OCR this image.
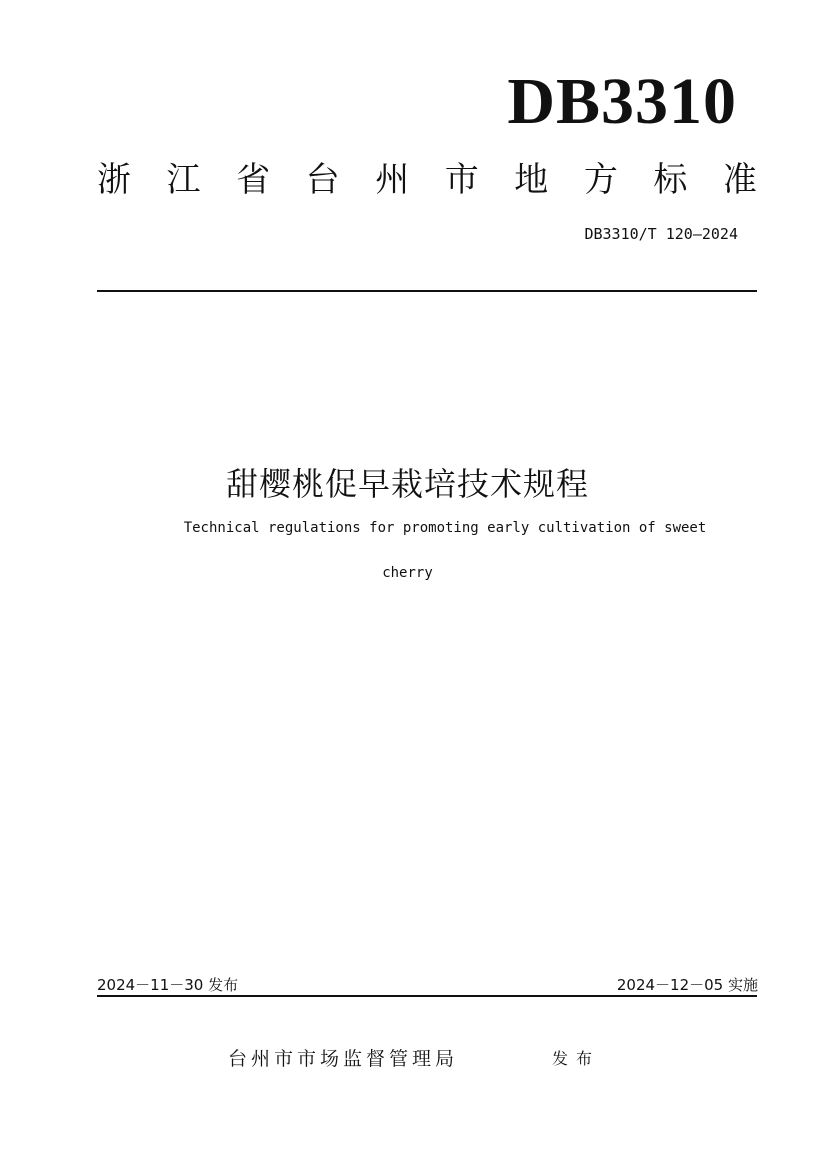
DB3310
浙 江 省 台 州 市 地 方 标 准
DB3310/T 120—2024
甜樱桃促早栽培技术规程
Technical regulations for promoting early cultivation of sweet
cherry
2024－11－30 发布	2024－12－05 实施
台州市市场监督管理局	发布
